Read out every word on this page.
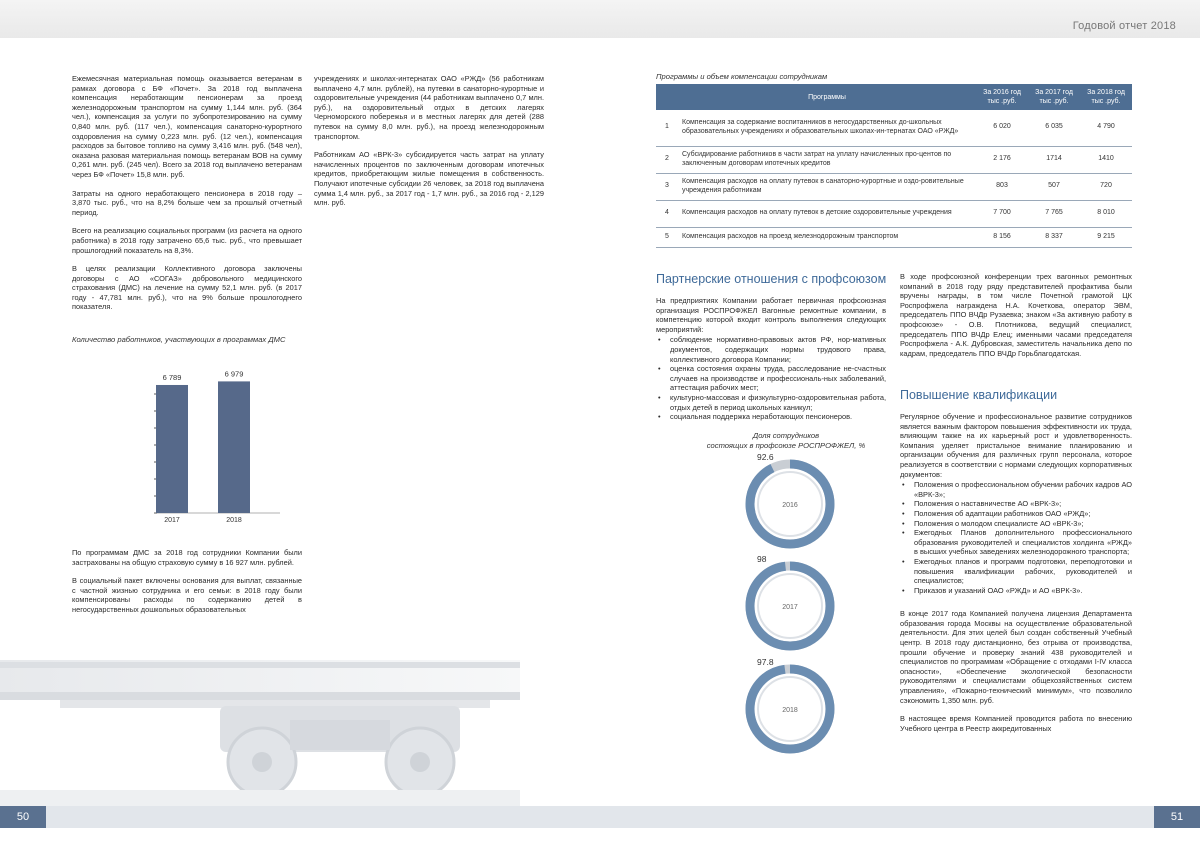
Годовой отчет 2018
50	51

Ежемесячная материальная помощь оказывается ветеранам в рамках договора с БФ «Почет». За 2018 год выплачена компенсация неработающим пенсионерам за проезд железнодорожным транспортом на сумму 1,144 млн. руб. (364 чел.), компенсация за услуги по зубопротезированию на сумму 0,840 млн. руб. (117 чел.), компенсация санаторно-курортного оздоровления на сумму 0,223 млн. руб. (12 чел.), компенсация расходов за бытовое топливо на сумму 3,416 млн. руб. (548 чел), оказана разовая материальная помощь ветеранам ВОВ на сумму 0,261 млн. руб. (245 чел). Всего за 2018 год выплачено ветеранам через БФ «Почет» 15,8 млн. руб.

Затраты на одного неработающего пенсионера в 2018 году – 3,870 тыс. руб., что на 8,2% больше чем за прошлый отчетный период.

Всего на реализацию социальных программ (из расчета на одного работника) в 2018 году затрачено 65,6 тыс. руб., что превышает прошлогодний показатель на 8,3%.

В целях реализации Коллективного договора заключены договоры с АО «СОГАЗ» добровольного медицинского страхования (ДМС) на лечение на сумму 52,1 млн. руб. (в 2017 году - 47,781 млн. руб.), что на 9% больше прошлогоднего показателя.

Количество работников, участвующих в программах ДМС
6 789
2017
6 979
2018

По программам ДМС за 2018 год сотрудники Компании были застрахованы на общую страховую сумму в 16 927 млн. рублей.

В социальный пакет включены основания для выплат, связанные с частной жизнью сотрудника и его семьи: в 2018 году были компенсированы расходы по содержанию детей в негосударственных дошкольных образовательных

учреждениях и школах-интернатах ОАО «РЖД» (56 работникам выплачено 4,7 млн. рублей), на путевки в санаторно-курортные и оздоровительные учреждения (44 работникам выплачено 0,7 млн. руб.), на оздоровительный отдых в детских лагерях Черноморского побережья и в местных лагерях для детей (288 путевок на сумму 8,0 млн. руб.), на проезд железнодорожным транспортом.

Работникам АО «ВРК-3» субсидируется часть затрат на уплату начисленных процентов по заключенным договорам ипотечных кредитов, приобретающим жилые помещения в собственность. Получают ипотечные субсидии 26 человек, за 2018 год выплачена сумма 1,4 млн. руб., за 2017 год - 1,7 млн. руб., за 2016 год - 2,129 млн. руб.

Программы и объем компенсации сотрудникам
	Программы	За 2016 год тыс .руб.	За 2017 год тыс .руб.	За 2018 год тыс .руб.
1	Компенсация за содержание воспитанников в негосударственных до-школьных образовательных учреждениях и образовательных школах-ин-тернатах ОАО «РЖД»	6 020	6 035	4 790
2	Субсидирование работников в части затрат на уплату начисленных про-центов по заключенным договорам ипотечных кредитов	2 176	1714	1410
3	Компенсация расходов на оплату путевок в санаторно-курортные и оздо-ровительные учреждения работникам	803	507	720
4	Компенсация расходов на оплату путевок в детские оздоровительные учреждения	7 700	7 765	8 010
5	Компенсация расходов на проезд железнодорожным транспортом	8 156	8 337	9 215
Партнерские отношения с профсоюзом
На предприятиях Компании работает первичная профсоюзная организация РОСПРОФЖЕЛ Вагонные ремонтные компании, в компетенцию которой входит контроль выполнения следующих мероприятий:
• соблюдение нормативно-правовых актов РФ, нор-мативных документов, содержащих нормы трудового права, коллективного договора Компании;
• оценка состояния охраны труда, расследование не-счастных случаев на производстве и профессиональ-ных заболеваний, аттестация рабочих мест;
• культурно-массовая и физкультурно-оздоровительная работа, отдых детей в период школьных каникул;
• социальная поддержка неработающих пенсионеров.
Доля сотрудников
состоящих в профсоюзе РОСПРОФЖЕЛ, %
2016
92.6
2017
98
2018
97.8
В ходе профсоюзной конференции трех вагонных ремонтных компаний в 2018 году ряду представителей профактива были вручены награды, в том числе Почетной грамотой ЦК Роспрофжела награждена Н.А. Кочеткова, оператор ЭВМ, председатель ППО ВЧДр Рузаевка; знаком «За активную работу в профсоюзе» - О.В. Плотникова, ведущий специалист, председатель ППО ВЧДр Елец; именными часами председателя Роспрофжела - А.К. Дубровская, заместитель начальника депо по кадрам, председатель ППО ВЧДр Горьблагодатская.
Повышение квалификации
Регулярное обучение и профессиональное развитие сотрудников является важным фактором повышения эффективности их труда, влияющим также на их карьерный рост и удовлетворенность. Компания уделяет пристальное внимание планированию и организации обучения для различных групп персонала, которое реализуется в соответствии с нормами следующих корпоративных документов:
• Положения о профессиональном обучении рабочих кадров АО «ВРК-3»;
• Положения о наставничестве АО «ВРК-3»;
• Положения об адаптации работников ОАО «РЖД»;
• Положения о молодом специалисте АО «ВРК-3»;
• Ежегодных Планов дополнительного профессионального образования руководителей и специалистов холдинга «РЖД» в высших учебных заведениях железнодорожного транспорта;
• Ежегодных планов и программ подготовки, переподготовки и повышения квалификации рабочих, руководителей и специалистов;
• Приказов и указаний ОАО «РЖД» и АО «ВРК-3».

В конце 2017 года Компанией получена лицензия Департамента образования города Москвы на осуществление образовательной деятельности. Для этих целей был создан собственный Учебный центр. В 2018 году дистанционно, без отрыва от производства, прошли обучение и проверку знаний 438 руководителей и специалистов по программам «Обращение с отходами I-IV класса опасности», «Обеспечение экологической безопасности руководителями и специалистами общехозяйственных систем управления», «Пожарно-технический минимум», что позволило сэкономить 1,350 млн. руб.

В настоящее время Компанией проводится работа по внесению Учебного центра в Реестр аккредитованных
